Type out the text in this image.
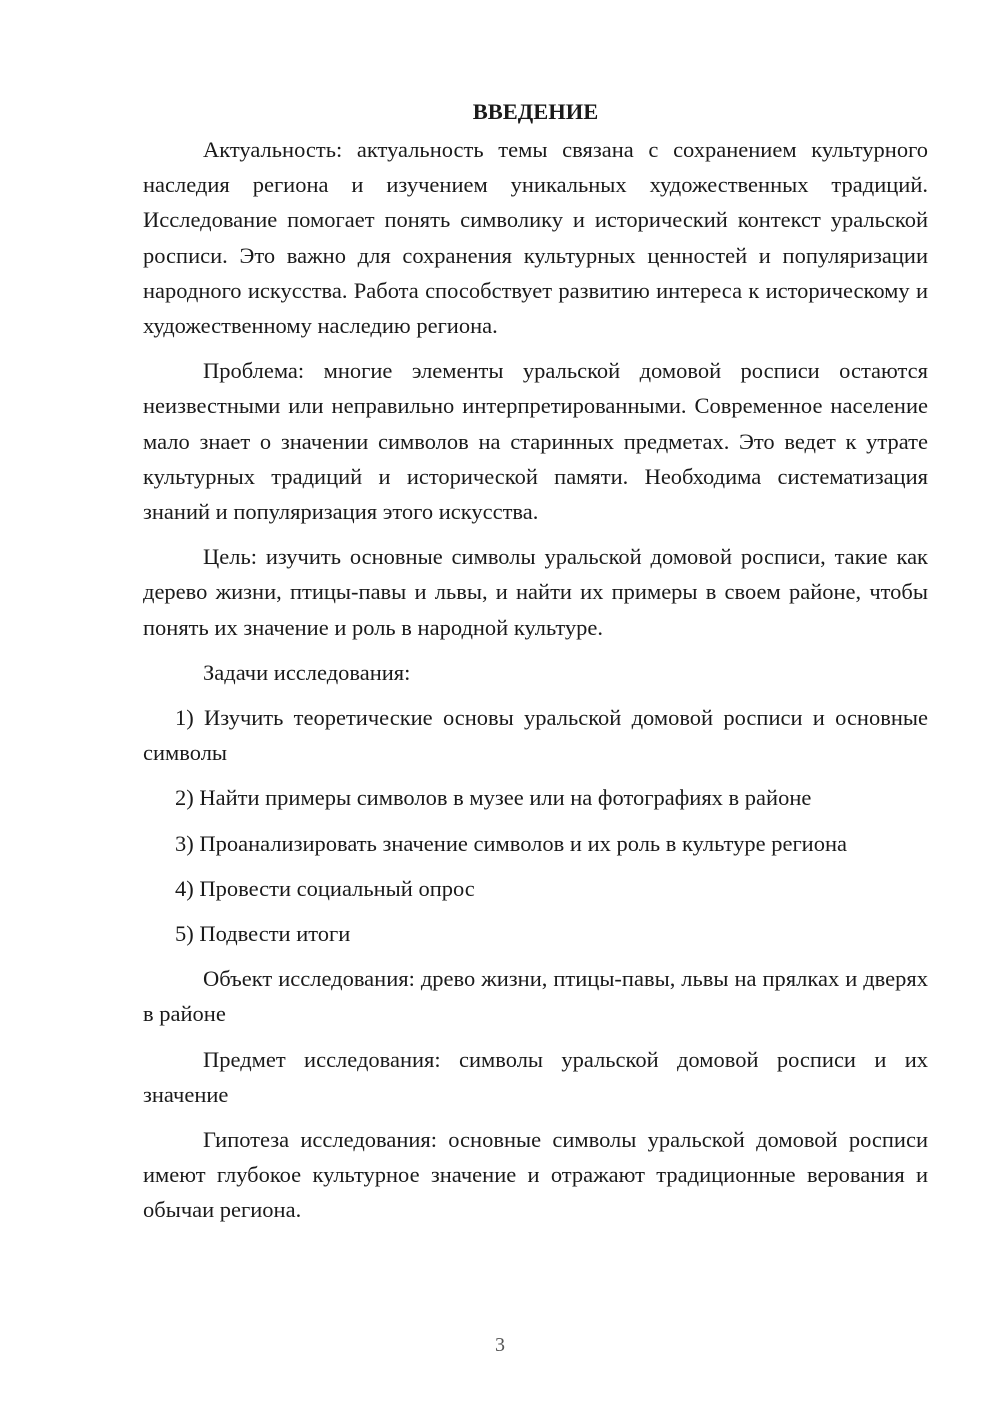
ВВЕДЕНИЕ

Актуальность: актуальность темы связана с сохранением культурного наследия региона и изучением уникальных художественных традиций. Исследование помогает понять символику и исторический контекст уральской росписи. Это важно для сохранения культурных ценностей и популяризации народного искусства. Работа способствует развитию интереса к историческому и художественному наследию региона.

Проблема: многие элементы уральской домовой росписи остаются неизвестными или неправильно интерпретированными. Современное население мало знает о значении символов на старинных предметах. Это ведет к утрате культурных традиций и исторической памяти. Необходима систематизация знаний и популяризация этого искусства.

Цель: изучить основные символы уральской домовой росписи, такие как дерево жизни, птицы-павы и львы, и найти их примеры в своем районе, чтобы понять их значение и роль в народной культуре.

Задачи исследования:

1) Изучить теоретические основы уральской домовой росписи и основные символы

2) Найти примеры символов в музее или на фотографиях в районе

3) Проанализировать значение символов и их роль в культуре региона

4) Провести социальный опрос

5) Подвести итоги

Объект исследования: древо жизни, птицы-павы, львы на прялках и дверях в районе

Предмет исследования: символы уральской домовой росписи и их значение

Гипотеза исследования: основные символы уральской домовой росписи имеют глубокое культурное значение и отражают традиционные верования и обычаи региона.

3
